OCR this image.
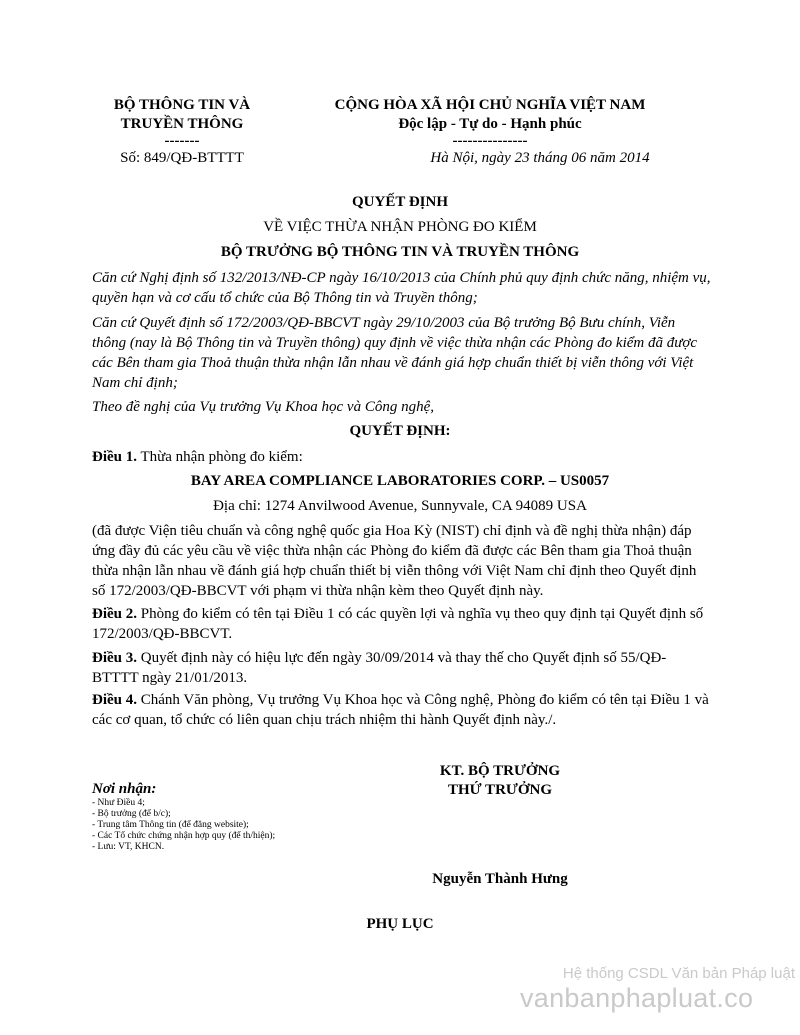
BỘ THÔNG TIN VÀ
TRUYỀN THÔNG
-------
Số: 849/QĐ-BTTTT
CỘNG HÒA XÃ HỘI CHỦ NGHĨA VIỆT NAM
Độc lập - Tự do - Hạnh phúc
---------------
Hà Nội, ngày 23 tháng 06 năm 2014
QUYẾT ĐỊNH
VỀ VIỆC THỪA NHẬN PHÒNG ĐO KIỂM
BỘ TRƯỞNG BỘ THÔNG TIN VÀ TRUYỀN THÔNG
Căn cứ Nghị định số 132/2013/NĐ-CP ngày 16/10/2013 của Chính phủ quy định chức năng, nhiệm vụ, quyền hạn và cơ cấu tổ chức của Bộ Thông tin và Truyền thông;
Căn cứ Quyết định số 172/2003/QĐ-BBCVT ngày 29/10/2003 của Bộ trưởng Bộ Bưu chính, Viễn thông (nay là Bộ Thông tin và Truyền thông) quy định về việc thừa nhận các Phòng đo kiểm đã được các Bên tham gia Thoả thuận thừa nhận lẫn nhau về đánh giá hợp chuẩn thiết bị viễn thông với Việt Nam chỉ định;
Theo đề nghị của Vụ trưởng Vụ Khoa học và Công nghệ,
QUYẾT ĐỊNH:
Điều 1. Thừa nhận phòng đo kiểm:
BAY AREA COMPLIANCE LABORATORIES CORP. – US0057
Địa chỉ: 1274 Anvilwood Avenue, Sunnyvale, CA 94089 USA
(đã được Viện tiêu chuẩn và công nghệ quốc gia Hoa Kỳ (NIST) chỉ định và đề nghị thừa nhận) đáp ứng đầy đủ các yêu cầu về việc thừa nhận các Phòng đo kiểm đã được các Bên tham gia Thoả thuận thừa nhận lẫn nhau về đánh giá hợp chuẩn thiết bị viễn thông với Việt Nam chỉ định theo Quyết định số 172/2003/QĐ-BBCVT với phạm vi thừa nhận kèm theo Quyết định này.
Điều 2. Phòng đo kiểm có tên tại Điều 1 có các quyền lợi và nghĩa vụ theo quy định tại Quyết định số 172/2003/QĐ-BBCVT.
Điều 3. Quyết định này có hiệu lực đến ngày 30/09/2014 và thay thế cho Quyết định số 55/QĐ-BTTTT ngày 21/01/2013.
Điều 4. Chánh Văn phòng, Vụ trưởng Vụ Khoa học và Công nghệ, Phòng đo kiểm có tên tại Điều 1 và các cơ quan, tổ chức có liên quan chịu trách nhiệm thi hành Quyết định này./.
Nơi nhận:
- Như Điều 4;
- Bộ trưởng (để b/c);
- Trung tâm Thông tin (để đăng website);
- Các Tổ chức chứng nhận hợp quy (để th/hiện);
- Lưu: VT, KHCN.
KT. BỘ TRƯỞNG
THỨ TRƯỞNG
Nguyễn Thành Hưng
PHỤ LỤC
Hệ thống CSDL Văn bản Pháp luật
vanbanphapluat.co
